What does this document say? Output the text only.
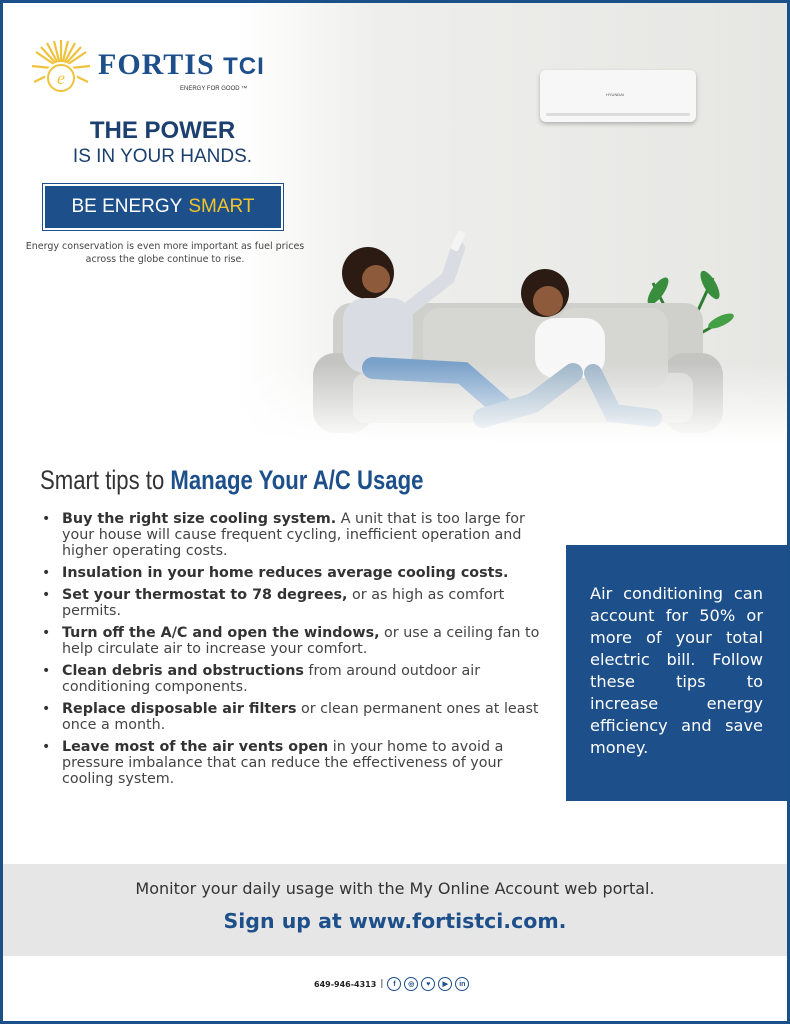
HYUNDAI
e FORTIS TCI
ENERGY FOR GOOD ™
THE POWER
IS IN YOUR HANDS.
BE ENERGY SMART
Energy conservation is even more important as fuel prices across the globe continue to rise.
Smart tips to Manage Your A/C Usage
• Buy the right size cooling system. A unit that is too large for your house will cause frequent cycling, inefficient operation and higher operating costs.
• Insulation in your home reduces average cooling costs.
• Set your thermostat to 78 degrees, or as high as comfort permits.
• Turn off the A/C and open the windows, or use a ceiling fan to help circulate air to increase your comfort.
• Clean debris and obstructions from around outdoor air conditioning components.
• Replace disposable air filters or clean permanent ones at least once a month.
• Leave most of the air vents open in your home to avoid a pressure imbalance that can reduce the effectiveness of your cooling system.
Air conditioning can account for 50% or more of your total electric bill. Follow these tips to increase energy efficiency and save money.
Monitor your daily usage with the My Online Account web portal.
Sign up at www.fortistci.com.
649-946-4313 |	f	◎	♥	▶	in
